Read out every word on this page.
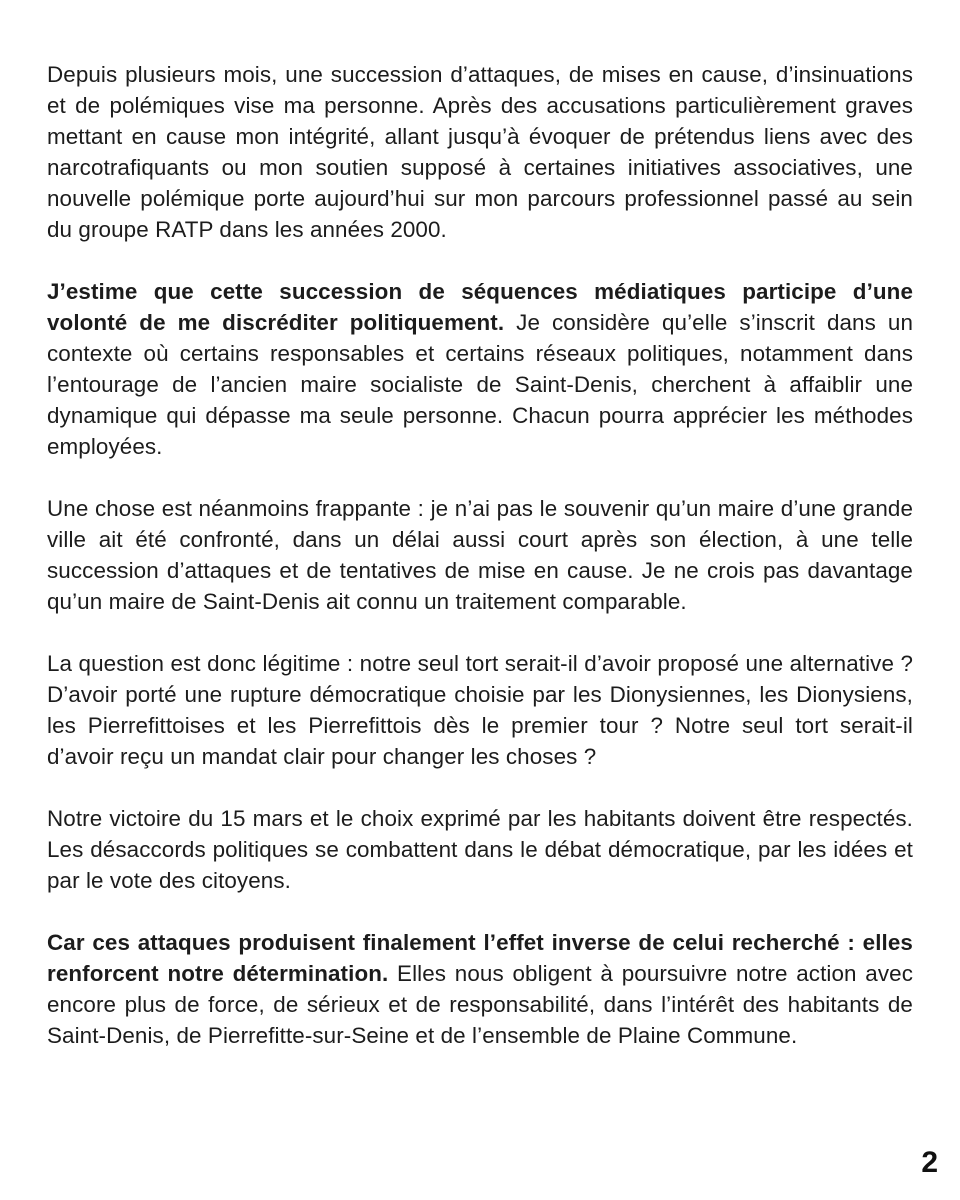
Depuis plusieurs mois, une succession d’attaques, de mises en cause, d’insinuations et de polémiques vise ma personne. Après des accusations particulièrement graves mettant en cause mon intégrité, allant jusqu’à évoquer de prétendus liens avec des narcotrafiquants ou mon soutien supposé à certaines initiatives associatives, une nouvelle polémique porte aujourd’hui sur mon parcours professionnel passé au sein du groupe RATP dans les années 2000.

J’estime que cette succession de séquences médiatiques participe d’une volonté de me discréditer politiquement. Je considère qu’elle s’inscrit dans un contexte où certains responsables et certains réseaux politiques, notamment dans l’entourage de l’ancien maire socialiste de Saint-Denis, cherchent à affaiblir une dynamique qui dépasse ma seule personne. Chacun pourra apprécier les méthodes employées.

Une chose est néanmoins frappante : je n’ai pas le souvenir qu’un maire d’une grande ville ait été confronté, dans un délai aussi court après son élection, à une telle succession d’attaques et de tentatives de mise en cause. Je ne crois pas davantage qu’un maire de Saint-Denis ait connu un traitement comparable.

La question est donc légitime : notre seul tort serait-il d’avoir proposé une alternative ? D’avoir porté une rupture démocratique choisie par les Dionysiennes, les Dionysiens, les Pierrefittoises et les Pierrefittois dès le premier tour ? Notre seul tort serait-il d’avoir reçu un mandat clair pour changer les choses ?

Notre victoire du 15 mars et le choix exprimé par les habitants doivent être respectés. Les désaccords politiques se combattent dans le débat démocratique, par les idées et par le vote des citoyens.

Car ces attaques produisent finalement l’effet inverse de celui recherché : elles renforcent notre détermination. Elles nous obligent à poursuivre notre action avec encore plus de force, de sérieux et de responsabilité, dans l’intérêt des habitants de Saint-Denis, de Pierrefitte-sur-Seine et de l’ensemble de Plaine Commune.

2
